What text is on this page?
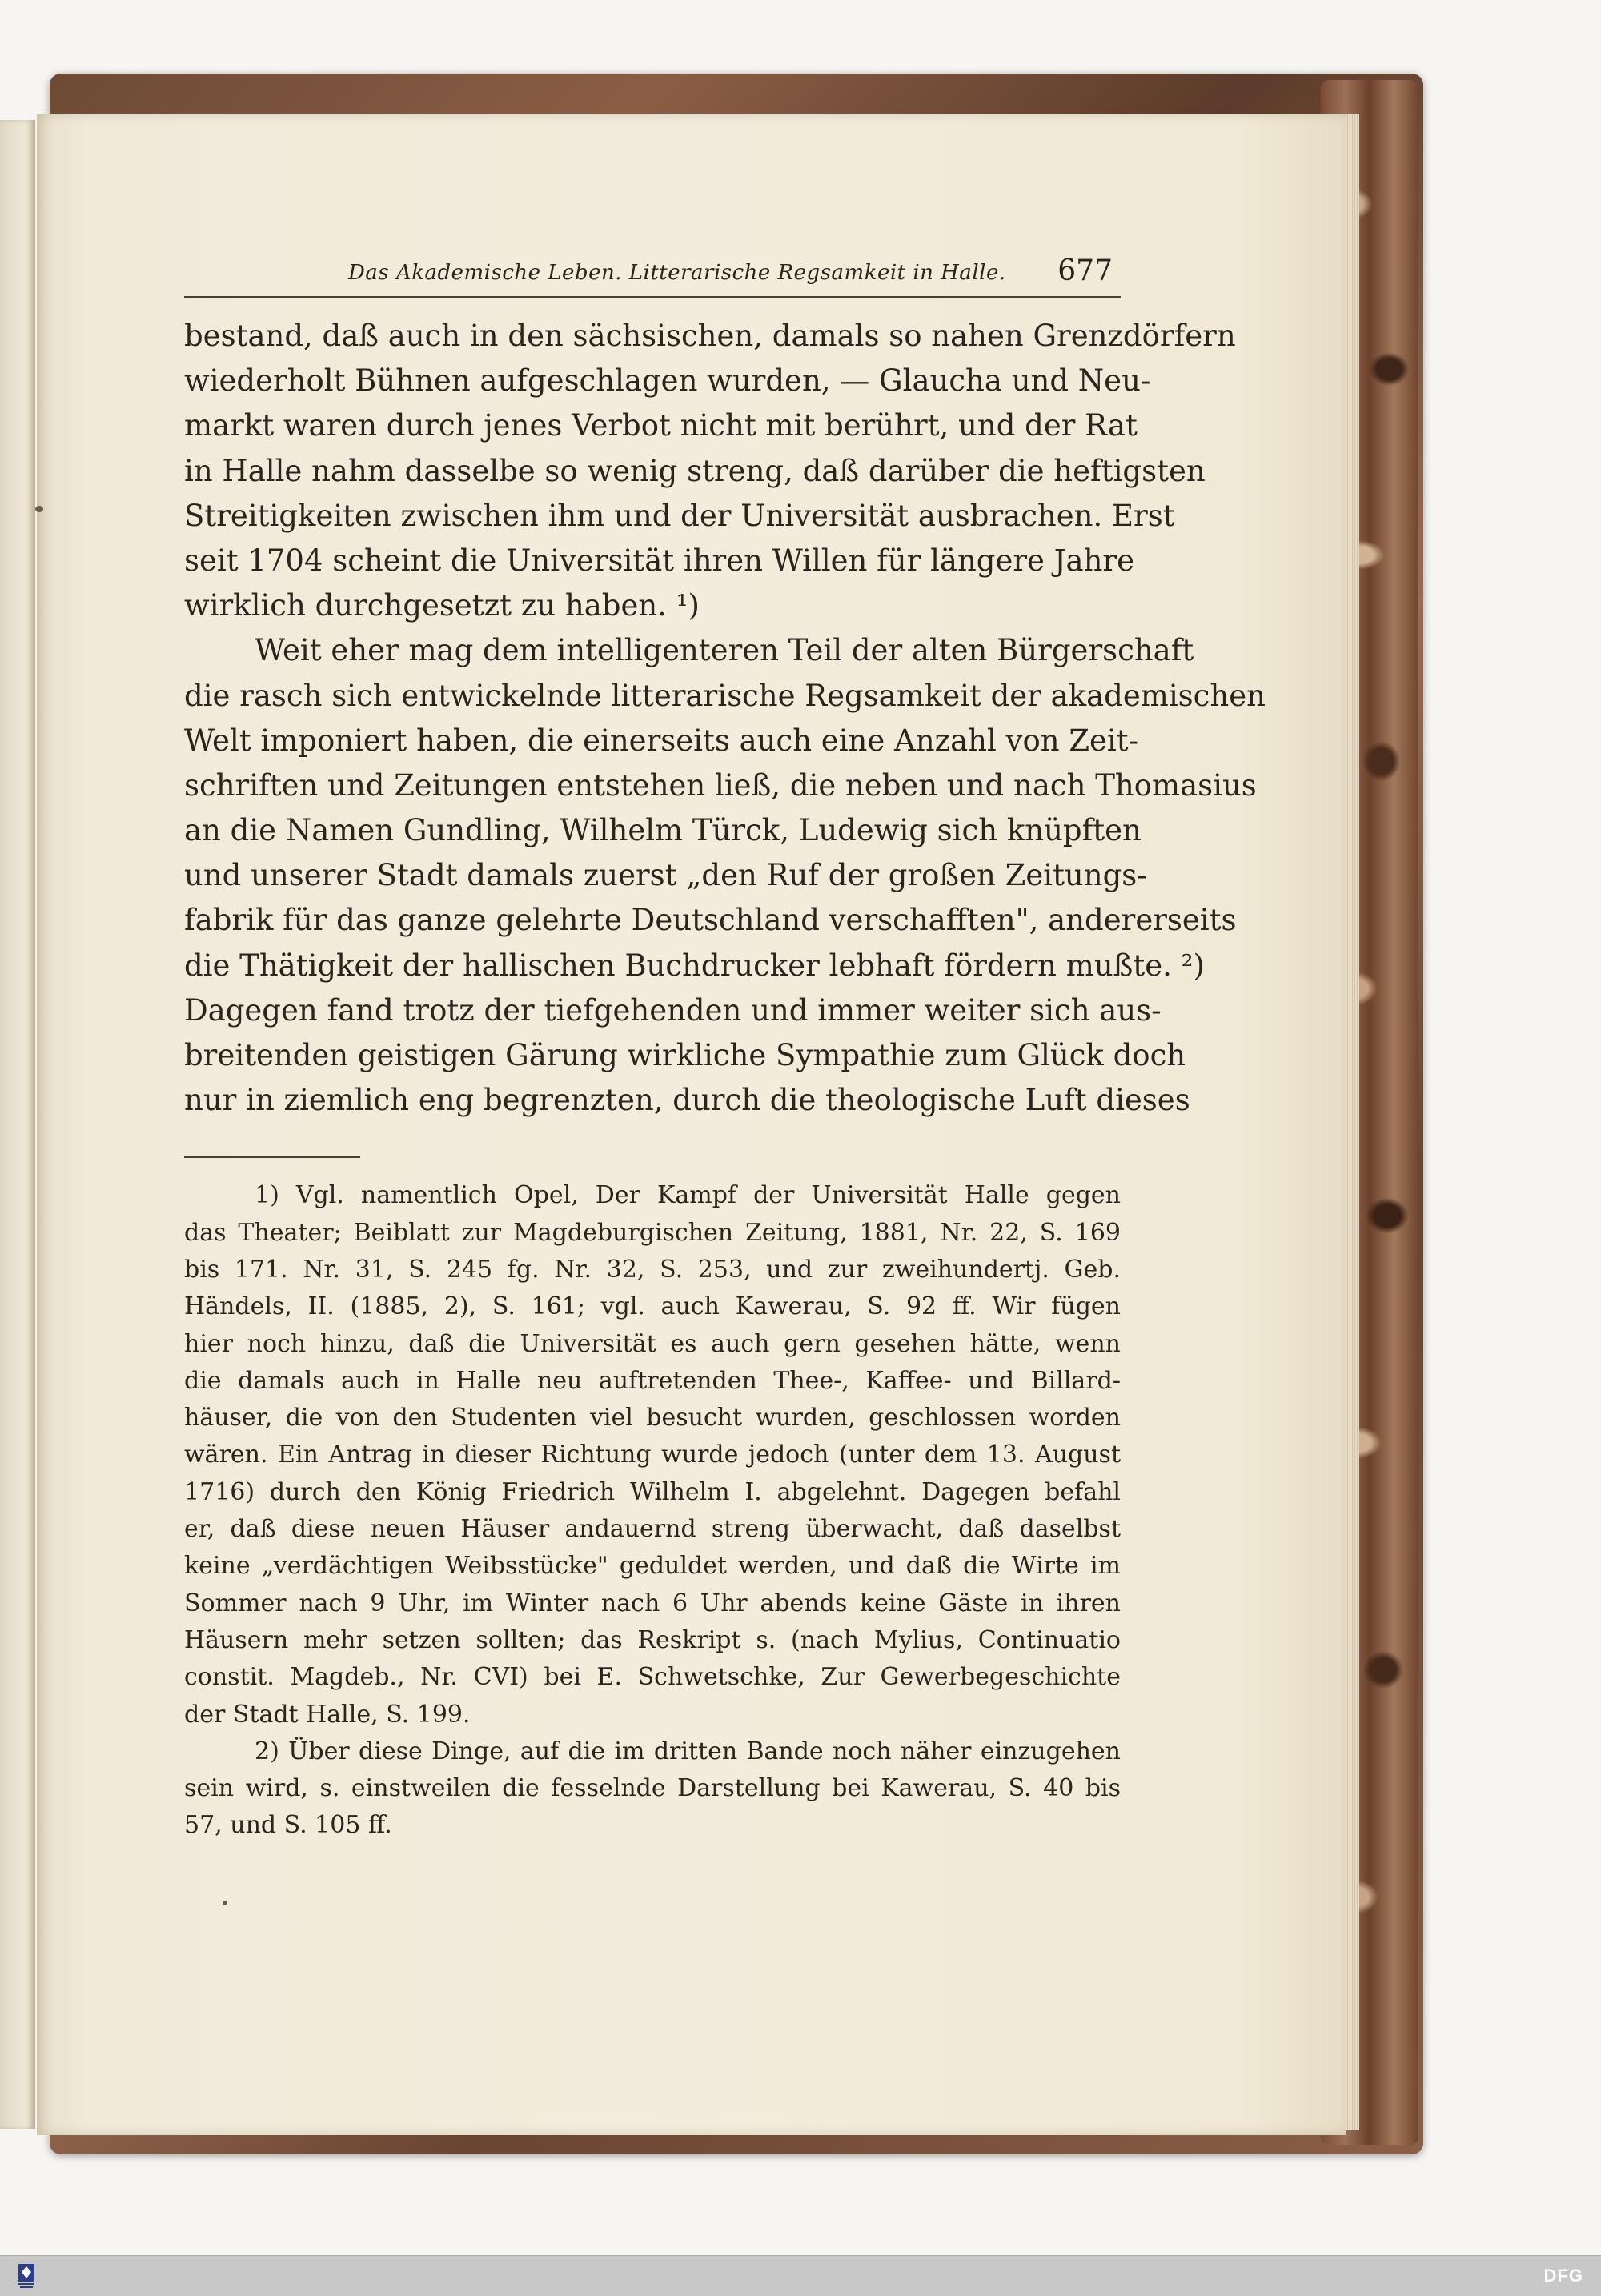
Das Akademische Leben. Litterarische Regsamkeit in Halle. 677
bestand, daß auch in den sächsischen, damals so nahen Grenzdörfern
wiederholt Bühnen aufgeschlagen wurden, — Glaucha und Neu-
markt waren durch jenes Verbot nicht mit berührt, und der Rat
in Halle nahm dasselbe so wenig streng, daß darüber die heftigsten
Streitigkeiten zwischen ihm und der Universität ausbrachen. Erst
seit 1704 scheint die Universität ihren Willen für längere Jahre
wirklich durchgesetzt zu haben. ¹)
Weit eher mag dem intelligenteren Teil der alten Bürgerschaft
die rasch sich entwickelnde litterarische Regsamkeit der akademischen
Welt imponiert haben, die einerseits auch eine Anzahl von Zeit-
schriften und Zeitungen entstehen ließ, die neben und nach Thomasius
an die Namen Gundling, Wilhelm Türck, Ludewig sich knüpften
und unserer Stadt damals zuerst „den Ruf der großen Zeitungs-
fabrik für das ganze gelehrte Deutschland verschafften", andererseits
die Thätigkeit der hallischen Buchdrucker lebhaft fördern mußte. ²)
Dagegen fand trotz der tiefgehenden und immer weiter sich aus-
breitenden geistigen Gärung wirkliche Sympathie zum Glück doch
nur in ziemlich eng begrenzten, durch die theologische Luft dieses
1) Vgl. namentlich Opel, Der Kampf der Universität Halle gegen
das Theater; Beiblatt zur Magdeburgischen Zeitung, 1881, Nr. 22, S. 169
bis 171. Nr. 31, S. 245 fg. Nr. 32, S. 253, und zur zweihundertj. Geb.
Händels, II. (1885, 2), S. 161; vgl. auch Kawerau, S. 92 ff. Wir fügen
hier noch hinzu, daß die Universität es auch gern gesehen hätte, wenn
die damals auch in Halle neu auftretenden Thee-, Kaffee- und Billard-
häuser, die von den Studenten viel besucht wurden, geschlossen worden
wären. Ein Antrag in dieser Richtung wurde jedoch (unter dem 13. August
1716) durch den König Friedrich Wilhelm I. abgelehnt. Dagegen befahl
er, daß diese neuen Häuser andauernd streng überwacht, daß daselbst
keine „verdächtigen Weibsstücke" geduldet werden, und daß die Wirte im
Sommer nach 9 Uhr, im Winter nach 6 Uhr abends keine Gäste in ihren
Häusern mehr setzen sollten; das Reskript s. (nach Mylius, Continuatio
constit. Magdeb., Nr. CVI) bei E. Schwetschke, Zur Gewerbegeschichte
der Stadt Halle, S. 199.
2) Über diese Dinge, auf die im dritten Bande noch näher einzugehen
sein wird, s. einstweilen die fesselnde Darstellung bei Kawerau, S. 40 bis
57, und S. 105 ff.
DFG
